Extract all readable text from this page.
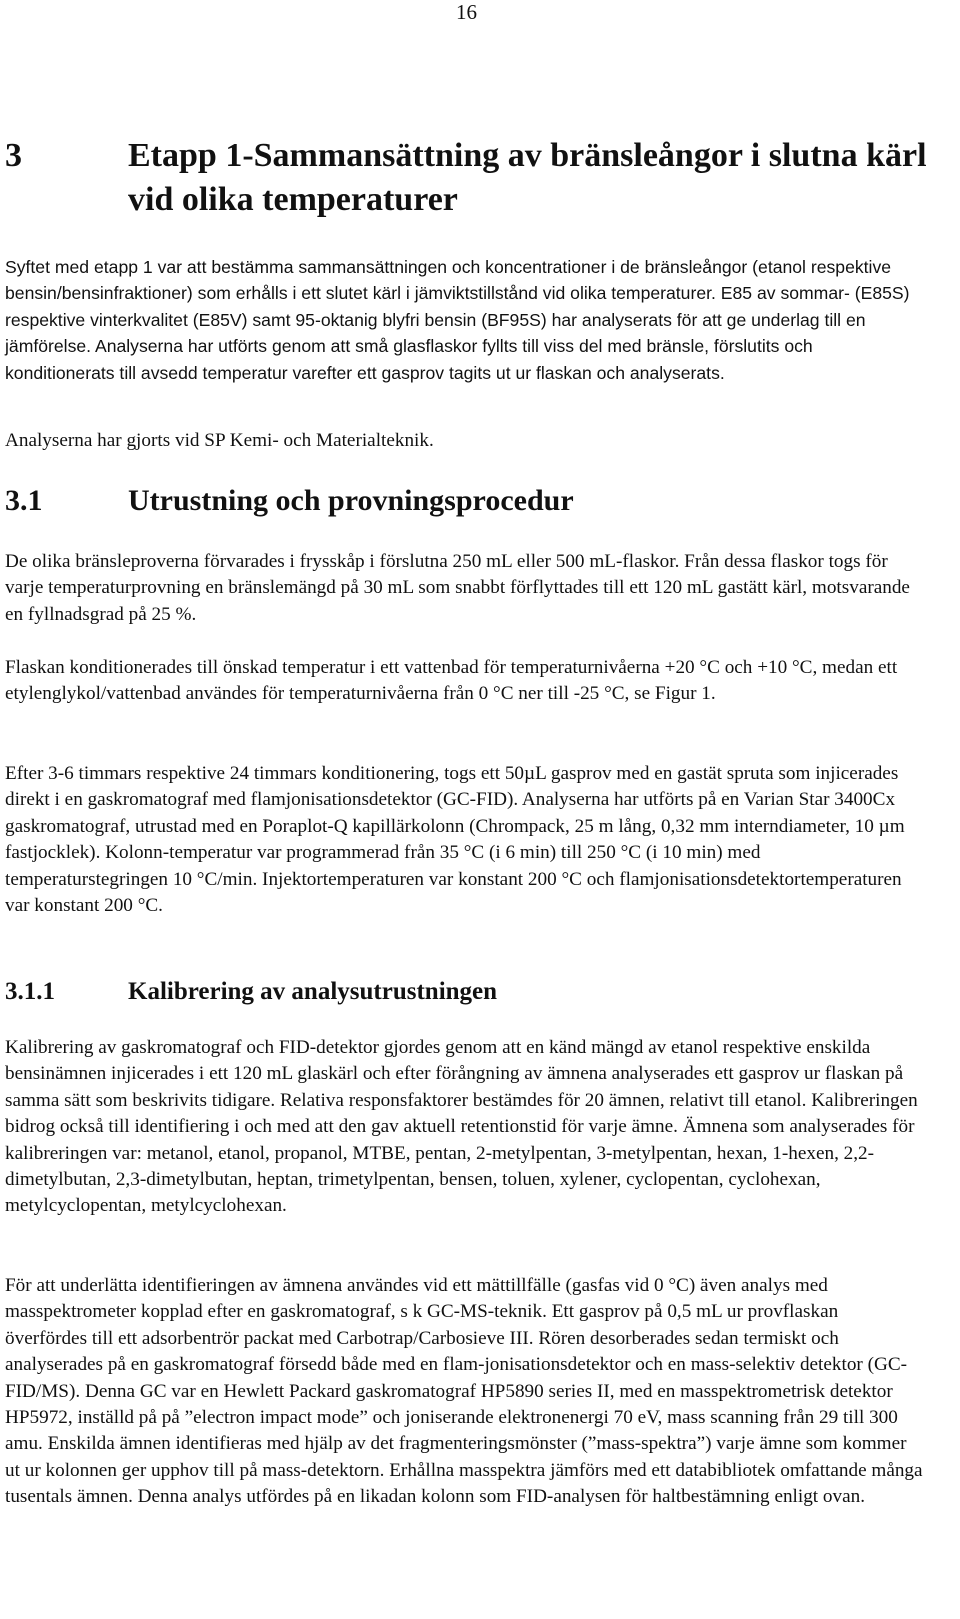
16
3	Etapp 1-Sammansättning av bränsleångor i slutna kärl vid olika temperaturer

Syftet med etapp 1 var att bestämma sammansättningen och koncentrationer i de bränsleångor (etanol respektive bensin/bensinfraktioner) som erhålls i ett slutet kärl i jämviktstillstånd vid olika temperaturer. E85 av sommar- (E85S) respektive vinterkvalitet (E85V) samt 95-oktanig blyfri bensin (BF95S) har analyserats för att ge underlag till en jämförelse. Analyserna har utförts genom att små glasflaskor fyllts till viss del med bränsle, förslutits och konditionerats till avsedd temperatur varefter ett gasprov tagits ut ur flaskan och analyserats.

Analyserna har gjorts vid SP Kemi- och Materialteknik.

3.1	Utrustning och provningsprocedur

De olika bränsleproverna förvarades i frysskåp i förslutna 250 mL eller 500 mL-flaskor. Från dessa flaskor togs för varje temperaturprovning en bränslemängd på 30 mL som snabbt förflyttades till ett 120 mL gastätt kärl, motsvarande en fyllnadsgrad på 25 %.

Flaskan konditionerades till önskad temperatur i ett vattenbad för temperaturnivåerna +20 °C och +10 °C, medan ett etylenglykol/vattenbad användes för temperaturnivåerna från 0 °C ner till -25 °C, se Figur 1.

Efter 3-6 timmars respektive 24 timmars konditionering, togs ett 50µL gasprov med en gastät spruta som injicerades direkt i en gaskromatograf med flamjonisationsdetektor (GC-FID). Analyserna har utförts på en Varian Star 3400Cx gaskromatograf, utrustad med en Poraplot-Q kapillärkolonn (Chrompack, 25 m lång, 0,32 mm interndiameter, 10 µm fastjocklek). Kolonn-temperatur var programmerad från 35 °C (i 6 min) till 250 °C (i 10 min) med temperaturstegringen 10 °C/min. Injektortemperaturen var konstant 200 °C och flamjonisationsdetektortemperaturen var konstant 200 °C.

3.1.1	Kalibrering av analysutrustningen

Kalibrering av gaskromatograf och FID-detektor gjordes genom att en känd mängd av etanol respektive enskilda bensinämnen injicerades i ett 120 mL glaskärl och efter förångning av ämnena analyserades ett gasprov ur flaskan på samma sätt som beskrivits tidigare. Relativa responsfaktorer bestämdes för 20 ämnen, relativt till etanol. Kalibreringen bidrog också till identifiering i och med att den gav aktuell retentionstid för varje ämne. Ämnena som analyserades för kalibreringen var: metanol, etanol, propanol, MTBE, pentan, 2-metylpentan, 3-metylpentan, hexan, 1-hexen, 2,2-dimetylbutan, 2,3-dimetylbutan, heptan, trimetylpentan, bensen, toluen, xylener, cyclopentan, cyclohexan, metylcyclopentan, metylcyclohexan.

För att underlätta identifieringen av ämnena användes vid ett mättillfälle (gasfas vid 0 °C) även analys med masspektrometer kopplad efter en gaskromatograf, s k GC-MS-teknik. Ett gasprov på 0,5 mL ur provflaskan överfördes till ett adsorbentrör packat med Carbotrap/Carbosieve III. Rören desorberades sedan termiskt och analyserades på en gaskromatograf försedd både med en flam-jonisationsdetektor och en mass-selektiv detektor (GC-FID/MS). Denna GC var en Hewlett Packard gaskromatograf HP5890 series II, med en masspektrometrisk detektor HP5972, inställd på på ”electron impact mode” och joniserande elektronenergi 70 eV, mass scanning från 29 till 300 amu. Enskilda ämnen identifieras med hjälp av det fragmenteringsmönster (”mass-spektra”) varje ämne som kommer ut ur kolonnen ger upphov till på mass-detektorn. Erhållna masspektra jämförs med ett databibliotek omfattande många tusentals ämnen. Denna analys utfördes på en likadan kolonn som FID-analysen för haltbestämning enligt ovan.
